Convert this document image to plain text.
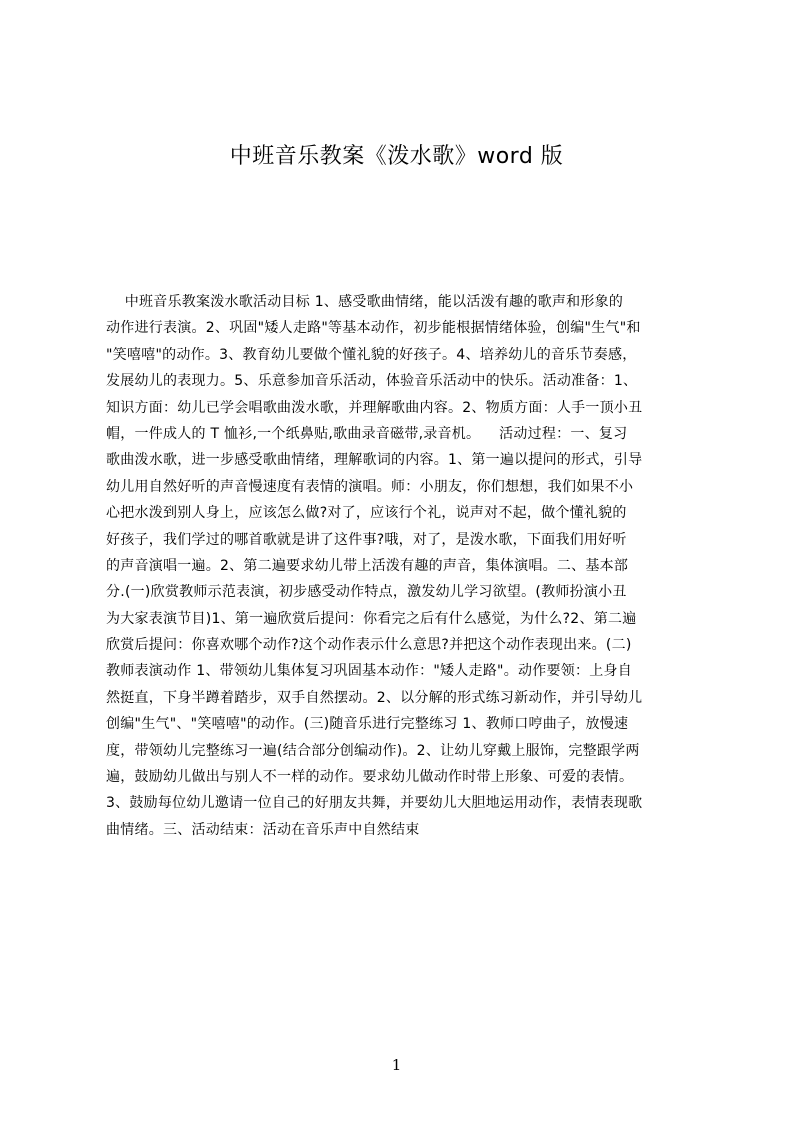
中班音乐教案《泼水歌》word 版
中班音乐教案泼水歌活动目标 1、感受歌曲情绪，能以活泼有趣的歌声和形象的
动作进行表演。2、巩固"矮人走路"等基本动作，初步能根据情绪体验，创编"生气"和
"笑嘻嘻"的动作。3、教育幼儿要做个懂礼貌的好孩子。4、培养幼儿的音乐节奏感，
发展幼儿的表现力。5、乐意参加音乐活动，体验音乐活动中的快乐。活动准备：1、
知识方面：幼儿已学会唱歌曲泼水歌，并理解歌曲内容。2、物质方面：人手一顶小丑
帽，一件成人的 T 恤衫,一个纸鼻贴,歌曲录音磁带,录音机。    活动过程：一、复习
歌曲泼水歌，进一步感受歌曲情绪，理解歌词的内容。1、第一遍以提问的形式，引导
幼儿用自然好听的声音慢速度有表情的演唱。师：小朋友，你们想想，我们如果不小
心把水泼到别人身上，应该怎么做?对了，应该行个礼，说声对不起，做个懂礼貌的
好孩子，我们学过的哪首歌就是讲了这件事?哦，对了，是泼水歌，下面我们用好听
的声音演唱一遍。2、第二遍要求幼儿带上活泼有趣的声音，集体演唱。二、基本部
分.(一)欣赏教师示范表演，初步感受动作特点，激发幼儿学习欲望。(教师扮演小丑
为大家表演节目)1、第一遍欣赏后提问：你看完之后有什么感觉，为什么?2、第二遍
欣赏后提问：你喜欢哪个动作?这个动作表示什么意思?并把这个动作表现出来。(二)
教师表演动作 1、带领幼儿集体复习巩固基本动作："矮人走路"。动作要领：上身自
然挺直，下身半蹲着踏步，双手自然摆动。2、以分解的形式练习新动作，并引导幼儿
创编"生气"、"笑嘻嘻"的动作。(三)随音乐进行完整练习 1、教师口哼曲子，放慢速
度，带领幼儿完整练习一遍(结合部分创编动作)。2、让幼儿穿戴上服饰，完整跟学两
遍，鼓励幼儿做出与别人不一样的动作。要求幼儿做动作时带上形象、可爱的表情。
3、鼓励每位幼儿邀请一位自己的好朋友共舞，并要幼儿大胆地运用动作，表情表现歌
曲情绪。三、活动结束：活动在音乐声中自然结束
1
